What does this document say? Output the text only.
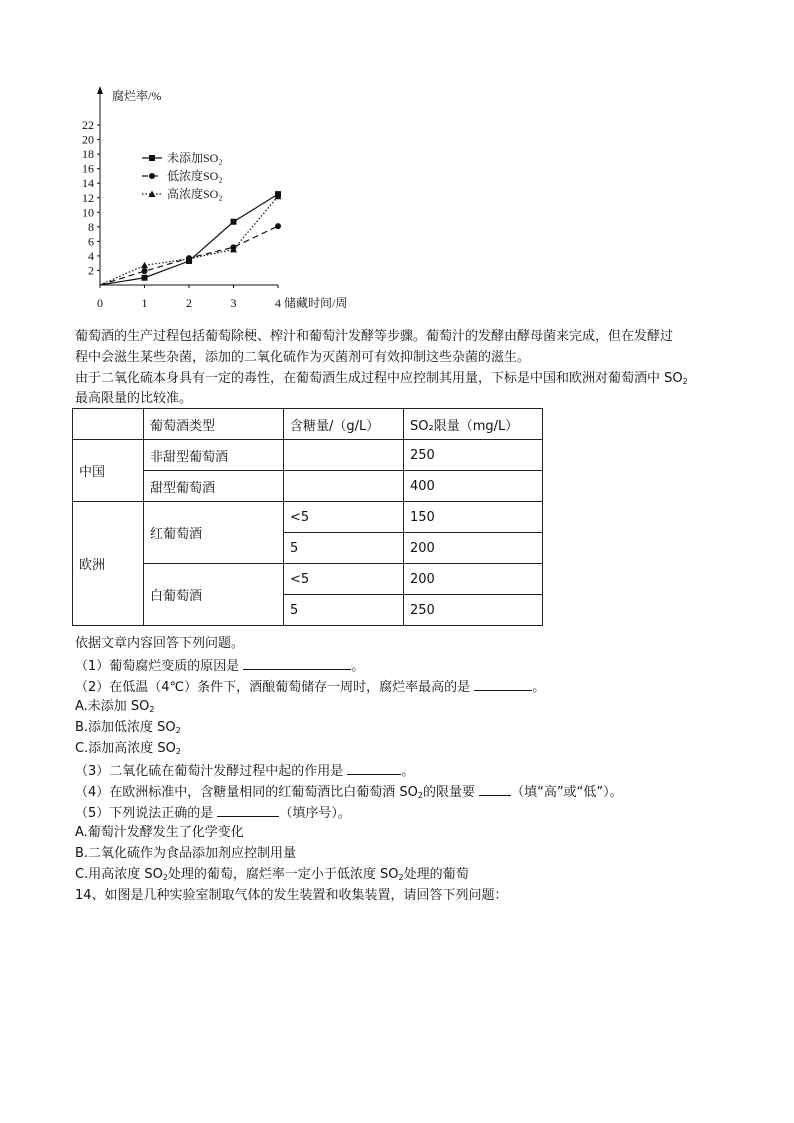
腐烂率/%
储藏时间/周
2
4
6
8
10
12
14
16
18
20
22
0	1	2	3	4
未添加SO₂
低浓度SO₂
高浓度SO₂

葡萄酒的生产过程包括葡萄除梗、榨汁和葡萄汁发酵等步骤。葡萄汁的发酵由酵母菌来完成，但在发酵过

程中会滋生某些杂菌，添加的二氧化硫作为灭菌剂可有效抑制这些杂菌的滋生。

由于二氧化硫本身具有一定的毒性，在葡萄酒生成过程中应控制其用量，下标是中国和欧洲对葡萄酒中 $SO_2$

最高限量的比较准。

	葡萄酒类型	含糖量/（g/L）	SO₂限量（mg/L）
中国	非甜型葡萄酒		250
	甜型葡萄酒		400
欧洲	红葡萄酒	<5	150
		5	200
	白葡萄酒	<5	200
		5	250

依据文章内容回答下列问题。

（1）葡萄腐烂变质的原因是	。

（2）在低温（4℃）条件下，酒酿葡萄储存一周时，腐烂率最高的是	。

A.未添加 $SO_2$

B.添加低浓度 $SO_2$

C.添加高浓度 $SO_2$

（3）二氧化硫在葡萄汁发酵过程中起的作用是	。

（4）在欧洲标准中，含糖量相同的红葡萄酒比白葡萄酒 $SO_2$的限量要	（填“高”或“低”）。

（5）下列说法正确的是	（填序号）。

A.葡萄汁发酵发生了化学变化

B.二氧化硫作为食品添加剂应控制用量

C.用高浓度 $SO_2$处理的葡萄，腐烂率一定小于低浓度 $SO_2$处理的葡萄

14、如图是几种实验室制取气体的发生装置和收集装置，请回答下列问题：
